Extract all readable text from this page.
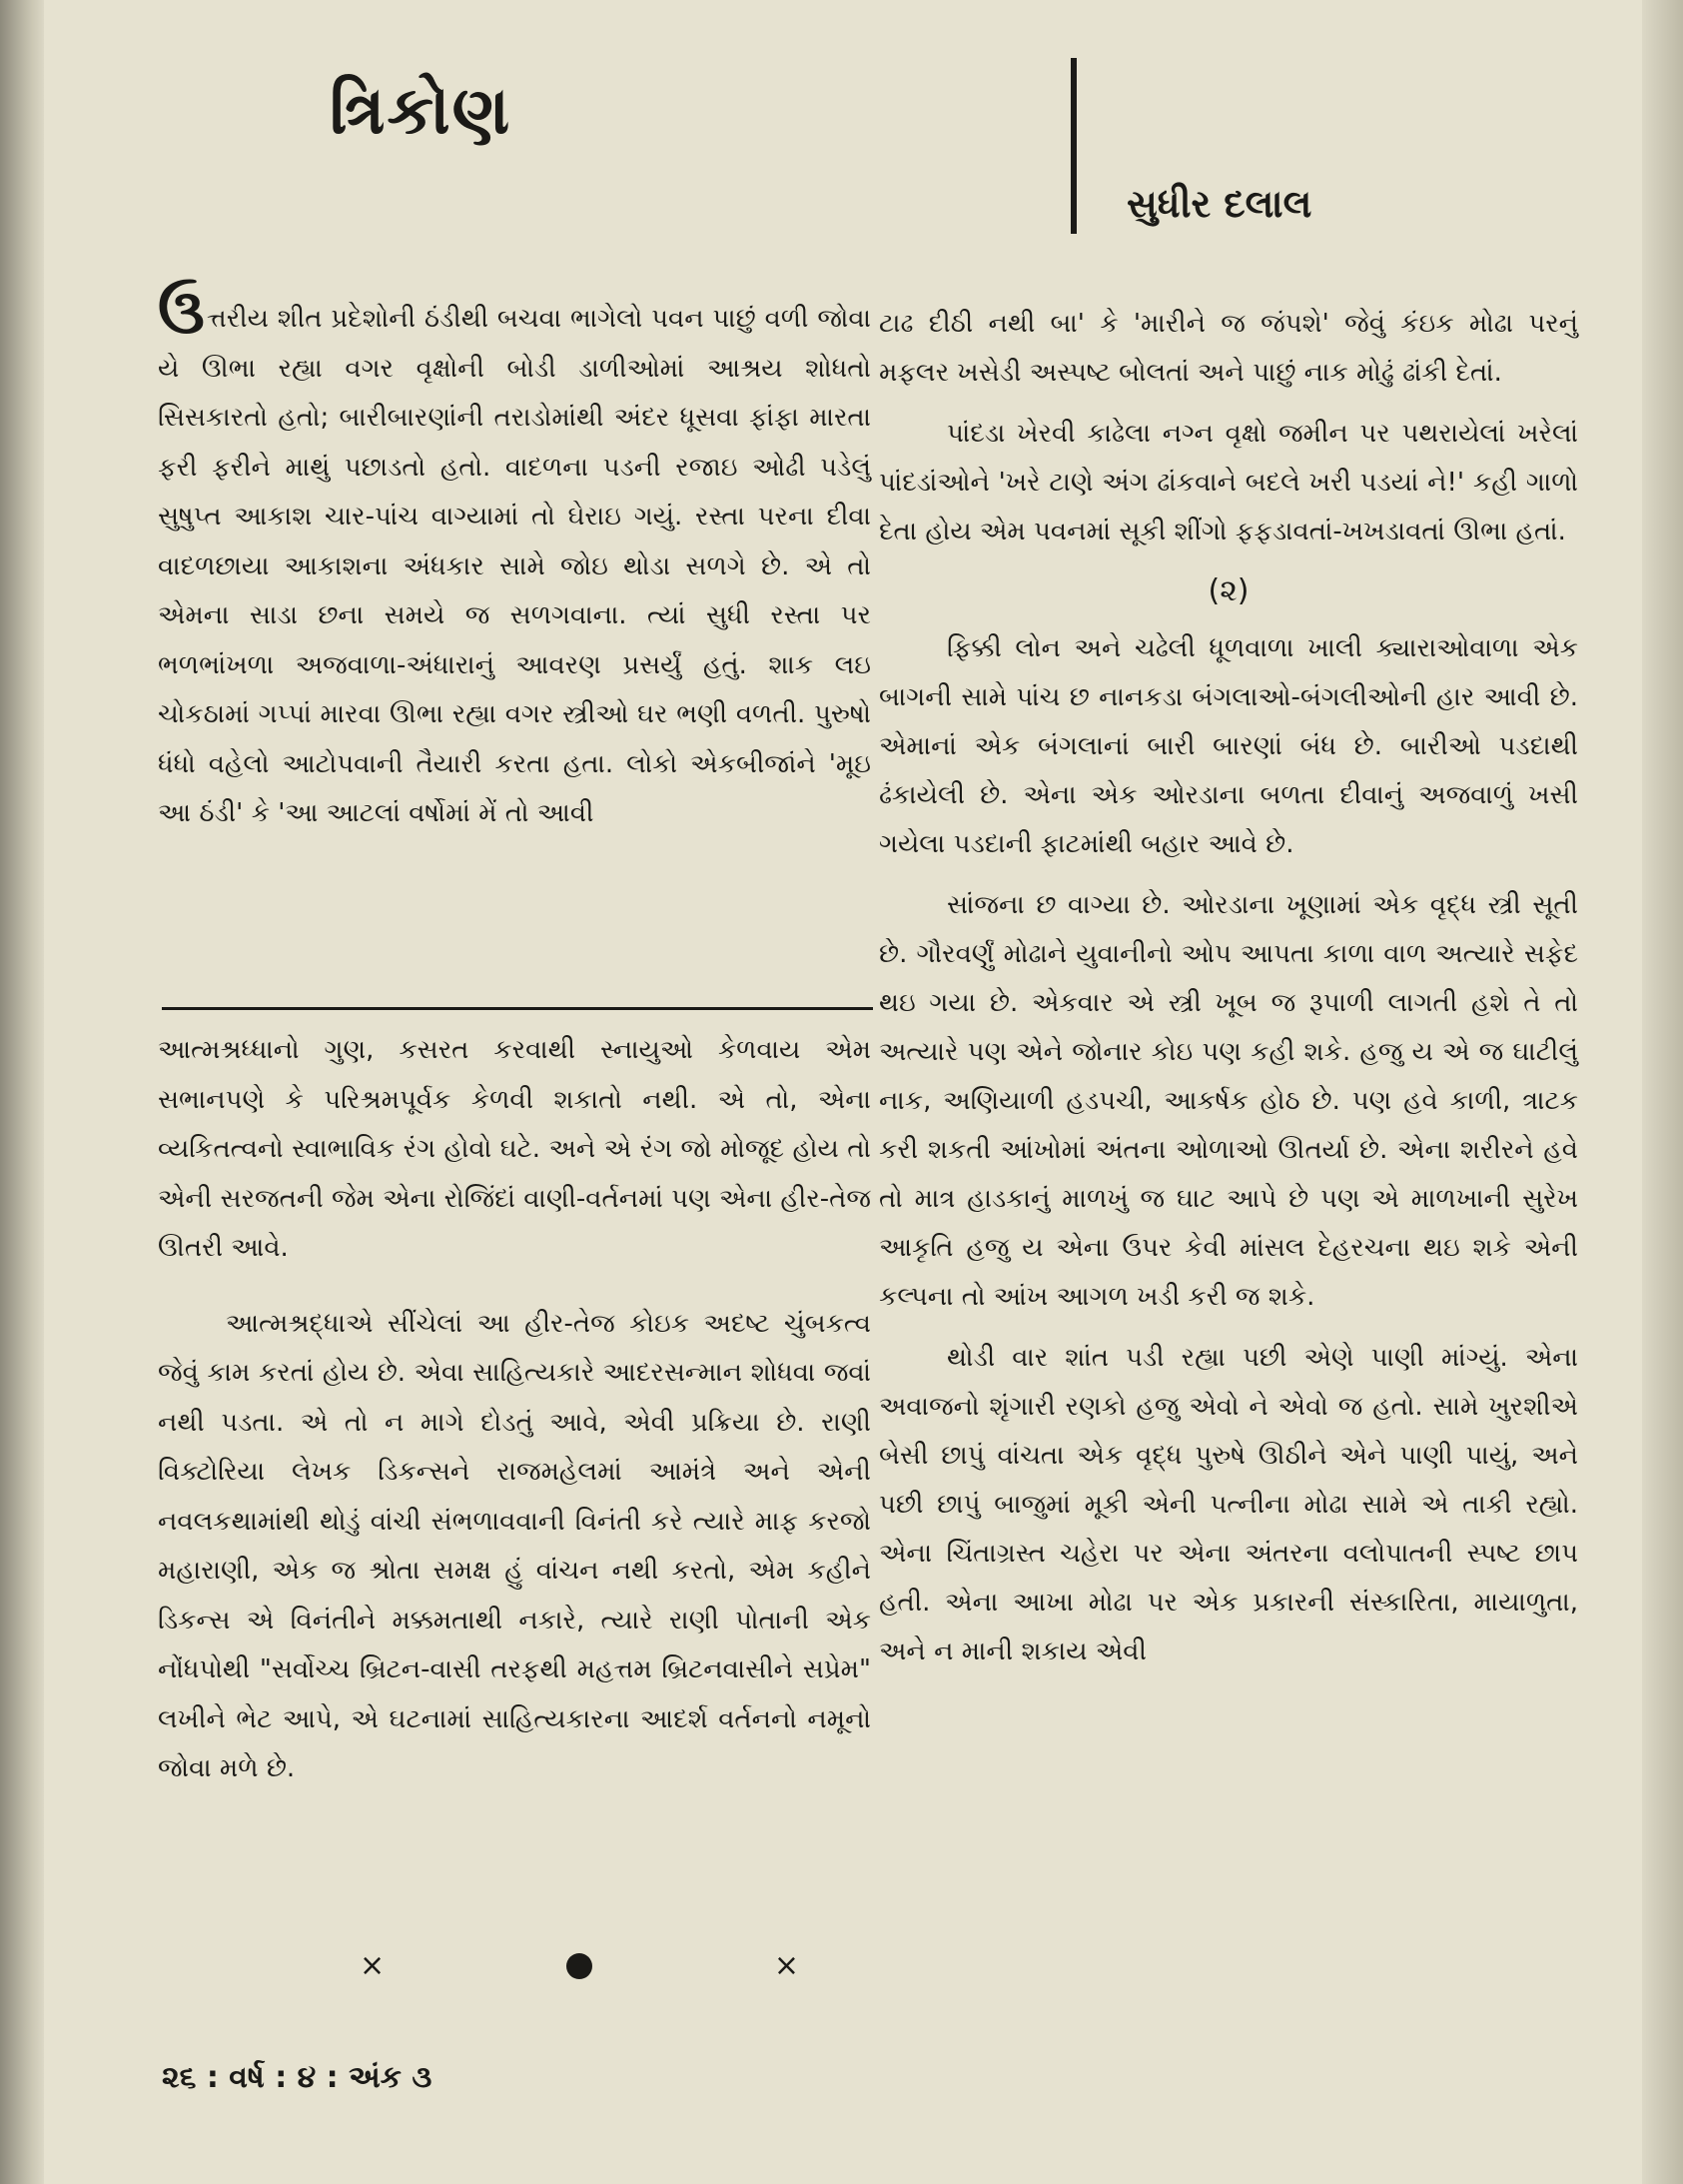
ત્રિકોણ
સુધીર દલાલ

ઉત્તરીય શીત પ્રદેશોની ઠંડીથી બચવા ભાગેલો પવન પાછું વળી જોવા યે ઊભા રહ્યા વગર વૃક્ષોની બોડી ડાળીઓમાં આશ્રય શોધતો સિસકારતો હતો; બારીબારણાંની તરાડોમાંથી અંદર ધૂસવા ફાંફા મારતા ફરી ફરીને માથું પછાડતો હતો. વાદળના પડની રજાઇ ઓઢી પડેલું સુષુપ્ત આકાશ ચાર-પાંચ વાગ્યામાં તો ઘેરાઇ ગયું. રસ્તા પરના દીવા વાદળછાયા આકાશના અંધકાર સામે જોઇ થોડા સળગે છે. એ તો એમના સાડા છના સમયે જ સળગવાના. ત્યાં સુધી રસ્તા પર ભળભાંખળા અજવાળા-અંધારાનું આવરણ પ્રસર્યું હતું. શાક લઇ ચોકઠામાં ગપ્પાં મારવા ઊભા રહ્યા વગર સ્ત્રીઓ ઘર ભણી વળતી. પુરુષો ધંધો વહેલો આટોપવાની તૈયારી કરતા હતા. લોકો એકબીજાંને 'મૂઇ આ ઠંડી' કે 'આ આટલાં વર્ષોમાં મેં તો આવી

આત્મશ્રધ્ધાનો ગુણ, કસરત કરવાથી સ્નાયુઓ કેળવાય એમ સભાનપણે કે પરિશ્રમપૂર્વક કેળવી શકાતો નથી. એ તો, એના વ્યકિતત્વનો સ્વાભાવિક રંગ હોવો ઘટે. અને એ રંગ જો મોજૂદ હોય તો એની સરજતની જેમ એના રોજિંદાં વાણી-વર્તનમાં પણ એના હીર-તેજ ઊતરી આવે.

આત્મશ્રદ્ધાએ સીંચેલાં આ હીર-તેજ કોઇક અદષ્ટ ચુંબકત્વ જેવું કામ કરતાં હોય છે. એવા સાહિત્યકારે આદરસન્માન શોધવા જવાં નથી પડતા. એ તો ન માગે દોડતું આવે, એવી પ્રક્રિયા છે. રાણી વિક્ટોરિયા લેખક ડિકન્સને રાજમહેલમાં આમંત્રે અને એની નવલકથામાંથી થોડું વાંચી સંભળાવવાની વિનંતી કરે ત્યારે માફ કરજો મહારાણી, એક જ શ્રોતા સમક્ષ હું વાંચન નથી કરતો, એમ કહીને ડિકન્સ એ વિનંતીને મક્કમતાથી નકારે, ત્યારે રાણી પોતાની એક નોંધપોથી "સર્વોચ્ચ બ્રિટન-વાસી તરફથી મહત્તમ બ્રિટનવાસીને સપ્રેમ" લખીને ભેટ આપે, એ ઘટનામાં સાહિત્યકારના આદર્શ વર્તનનો નમૂનો જોવા મળે છે.

ટાઢ દીઠી નથી બા' કે 'મારીને જ જંપશે' જેવું કંઇક મોઢા પરનું મફલર ખસેડી અસ્પષ્ટ બોલતાં અને પાછું નાક મોઢું ઢાંકી દેતાં.

પાંદડા ખેરવી કાઢેલા નગ્ન વૃક્ષો જમીન પર પથરાયેલાં ખરેલાં પાંદડાંઓને 'ખરે ટાણે અંગ ઢાંકવાને બદલે ખરી પડયાં ને!' કહી ગાળો દેતા હોય એમ પવનમાં સૂકી શીંગો ફફડાવતાં-ખખડાવતાં ઊભા હતાં.

(૨)

ફિક્કી લોન અને ચઢેલી ધૂળવાળા ખાલી ક્યારાઓવાળા એક બાગની સામે પાંચ છ નાનકડા બંગલાઓ-બંગલીઓની હાર આવી છે. એમાનાં એક બંગલાનાં બારી બારણાં બંધ છે. બારીઓ પડદાથી ઢંકાયેલી છે. એના એક ઓરડાના બળતા દીવાનું અજવાળું ખસી ગયેલા પડદાની ફાટમાંથી બહાર આવે છે.

સાંજના છ વાગ્યા છે. ઓરડાના ખૂણામાં એક વૃદ્ધ સ્ત્રી સૂતી છે. ગૌરવર્ણું મોઢાને યુવાનીનો ઓપ આપતા કાળા વાળ અત્યારે સફેદ થઇ ગયા છે. એકવાર એ સ્ત્રી ખૂબ જ રૂપાળી લાગતી હશે તે તો અત્યારે પણ એને જોનાર કોઇ પણ કહી શકે. હજુ ય એ જ ઘાટીલું નાક, અણિયાળી હડપચી, આકર્ષક હોઠ છે. પણ હવે કાળી, ત્રાટક કરી શકતી આંખોમાં અંતના ઓળાઓ ઊતર્યા છે. એના શરીરને હવે તો માત્ર હાડકાનું માળખું જ ઘાટ આપે છે પણ એ માળખાની સુરેખ આકૃતિ હજુ ય એના ઉપર કેવી માંસલ દેહરચના થઇ શકે એની કલ્પના તો આંખ આગળ ખડી કરી જ શકે.

થોડી વાર શાંત પડી રહ્યા પછી એણે પાણી માંગ્યું. એના અવાજનો શૃંગારી રણકો હજુ એવો ને એવો જ હતો. સામે ખુરશીએ બેસી છાપું વાંચતા એક વૃદ્ધ પુરુષે ઊઠીને એને પાણી પાયું, અને પછી છાપું બાજુમાં મૂકી એની પત્નીના મોઢા સામે એ તાકી રહ્યો. એના ચિંતાગ્રસ્ત ચહેરા પર એના અંતરના વલોપાતની સ્પષ્ટ છાપ હતી. એના આખા મોઢા પર એક પ્રકારની સંસ્કારિતા, માયાળુતા, અને ન માની શકાય એવી

×	×
૨૬ : વર્ષ : ૪ : અંક ૩
